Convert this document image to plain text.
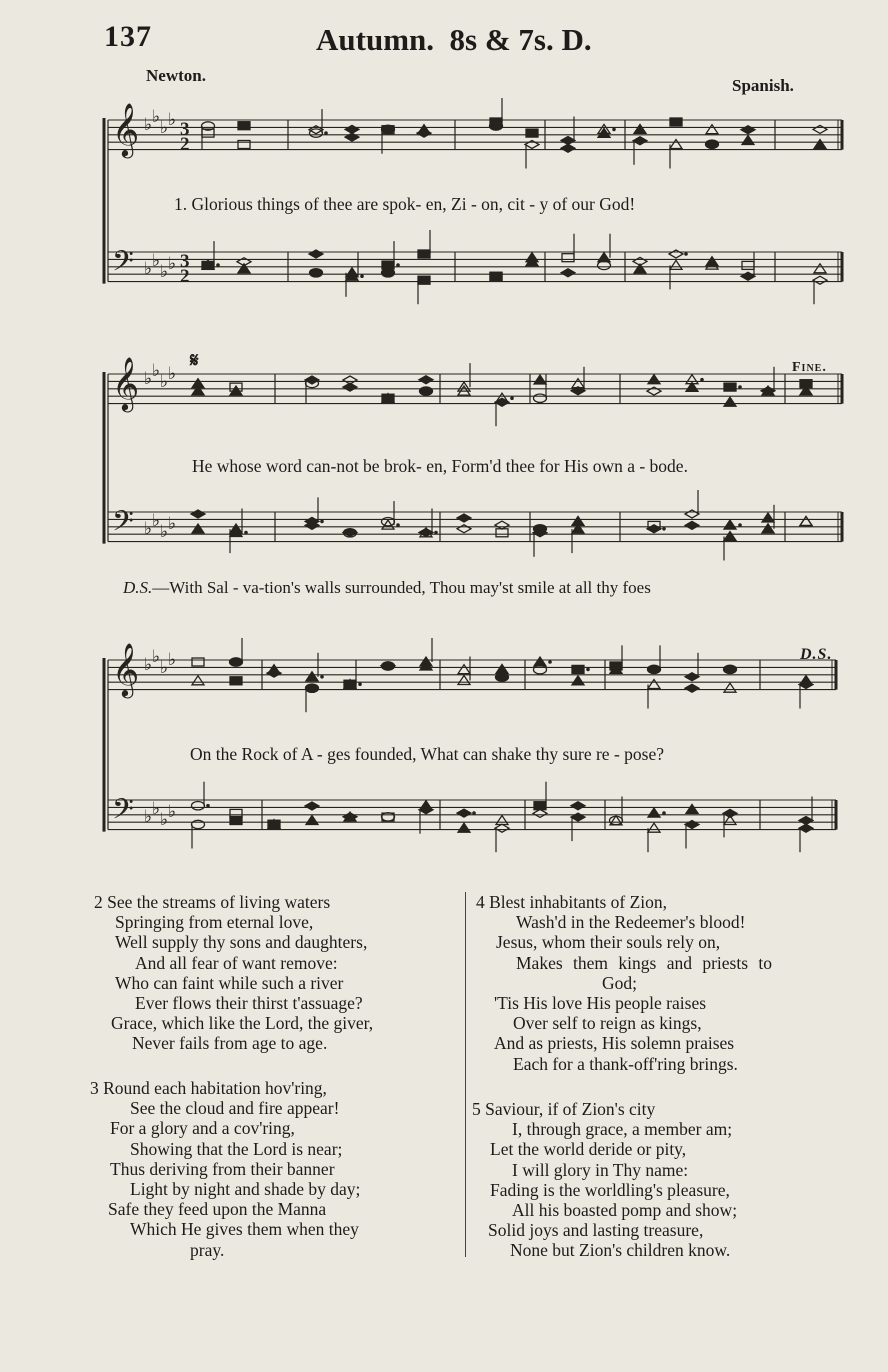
137	Autumn. 8s & 7s. D.
Newton.
Spanish.
𝄞
𝄢
♭ ♭
♭ ♭
♭ ♭
♭ ♭
3
2
3
2
𝄞
𝄢
♭ ♭
♭ ♭
♭ ♭
♭ ♭
𝄞
𝄢
♭ ♭
♭ ♭
♭ ♭
♭ ♭
1. Glorious things of thee are spok- en, Zi - on, cit - y of our God!
𝄋	Fine.
He whose word can-not be brok- en, Form'd thee for His own a - bode.
D.S.—With Sal - va-tion's walls surrounded, Thou may'st smile at all thy foes
D.S.
On the Rock of A - ges founded, What can shake thy sure re - pose?
2 See the streams of living waters
Springing from eternal love,
Well supply thy sons and daughters,
And all fear of want remove:
Who can faint while such a river
Ever flows their thirst t'assuage?
Grace, which like the Lord, the giver,
Never fails from age to age.
3 Round each habitation hov'ring,
See the cloud and fire appear!
For a glory and a cov'ring,
Showing that the Lord is near;
Thus deriving from their banner
Light by night and shade by day;
Safe they feed upon the Manna
Which He gives them when they
pray.
4 Blest inhabitants of Zion,
Wash'd in the Redeemer's blood!
Jesus, whom their souls rely on,
Makes them kings and priests to
God;
'Tis His love His people raises
Over self to reign as kings,
And as priests, His solemn praises
Each for a thank-off'ring brings.
5 Saviour, if of Zion's city
I, through grace, a member am;
Let the world deride or pity,
I will glory in Thy name:
Fading is the worldling's pleasure,
All his boasted pomp and show;
Solid joys and lasting treasure,
None but Zion's children know.
